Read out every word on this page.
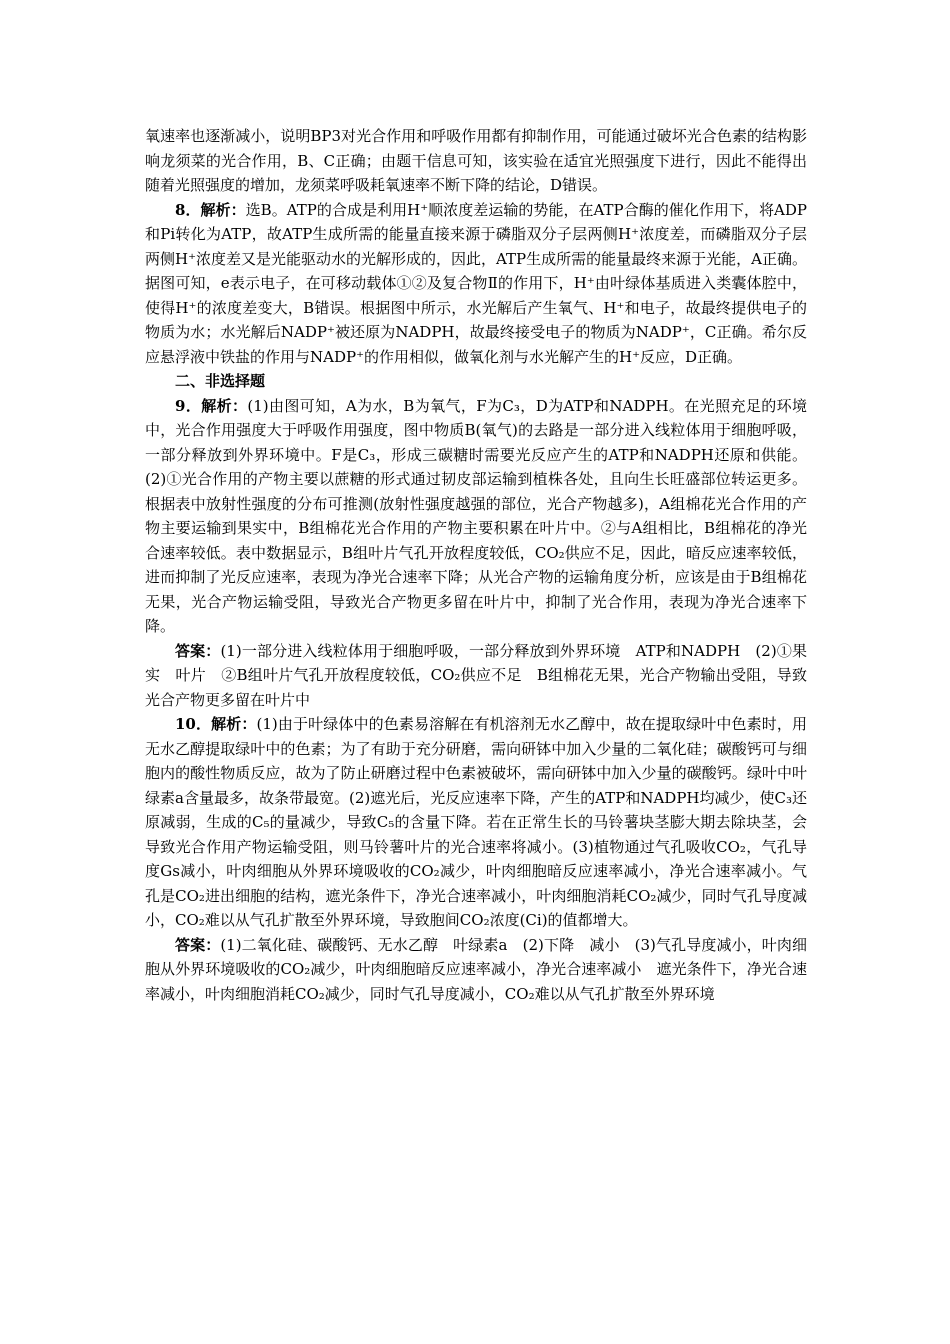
氧速率也逐渐减小，说明BP3对光合作用和呼吸作用都有抑制作用，可能通过破坏光合色素的结构影响龙须菜的光合作用，B、C正确；由题干信息可知，该实验在适宜光照强度下进行，因此不能得出随着光照强度的增加，龙须菜呼吸耗氧速率不断下降的结论，D错误。

8．解析：选B。ATP的合成是利用H⁺顺浓度差运输的势能，在ATP合酶的催化作用下，将ADP和Pi转化为ATP，故ATP生成所需的能量直接来源于磷脂双分子层两侧H⁺浓度差，而磷脂双分子层两侧H⁺浓度差又是光能驱动水的光解形成的，因此，ATP生成所需的能量最终来源于光能，A正确。据图可知，e表示电子，在可移动载体①②及复合物Ⅱ的作用下，H⁺由叶绿体基质进入类囊体腔中，使得H⁺的浓度差变大，B错误。根据图中所示，水光解后产生氧气、H⁺和电子，故最终提供电子的物质为水；水光解后NADP⁺被还原为NADPH，故最终接受电子的物质为NADP⁺，C正确。希尔反应悬浮液中铁盐的作用与NADP⁺的作用相似，做氧化剂与水光解产生的H⁺反应，D正确。

二、非选择题

9．解析：(1)由图可知，A为水，B为氧气，F为C₃，D为ATP和NADPH。在光照充足的环境中，光合作用强度大于呼吸作用强度，图中物质B(氧气)的去路是一部分进入线粒体用于细胞呼吸，一部分释放到外界环境中。F是C₃，形成三碳糖时需要光反应产生的ATP和NADPH还原和供能。(2)①光合作用的产物主要以蔗糖的形式通过韧皮部运输到植株各处，且向生长旺盛部位转运更多。根据表中放射性强度的分布可推测(放射性强度越强的部位，光合产物越多)，A组棉花光合作用的产物主要运输到果实中，B组棉花光合作用的产物主要积累在叶片中。②与A组相比，B组棉花的净光合速率较低。表中数据显示，B组叶片气孔开放程度较低，CO₂供应不足，因此，暗反应速率较低，进而抑制了光反应速率，表现为净光合速率下降；从光合产物的运输角度分析，应该是由于B组棉花无果，光合产物运输受阻，导致光合产物更多留在叶片中，抑制了光合作用，表现为净光合速率下降。

答案：(1)一部分进入线粒体用于细胞呼吸，一部分释放到外界环境　ATP和NADPH　(2)①果实　叶片　②B组叶片气孔开放程度较低，CO₂供应不足　B组棉花无果，光合产物输出受阻，导致光合产物更多留在叶片中

10．解析：(1)由于叶绿体中的色素易溶解在有机溶剂无水乙醇中，故在提取绿叶中色素时，用无水乙醇提取绿叶中的色素；为了有助于充分研磨，需向研钵中加入少量的二氧化硅；碳酸钙可与细胞内的酸性物质反应，故为了防止研磨过程中色素被破坏，需向研钵中加入少量的碳酸钙。绿叶中叶绿素a含量最多，故条带最宽。(2)遮光后，光反应速率下降，产生的ATP和NADPH均减少，使C₃还原减弱，生成的C₅的量减少，导致C₅的含量下降。若在正常生长的马铃薯块茎膨大期去除块茎，会导致光合作用产物运输受阻，则马铃薯叶片的光合速率将减小。(3)植物通过气孔吸收CO₂，气孔导度Gs减小，叶肉细胞从外界环境吸收的CO₂减少，叶肉细胞暗反应速率减小，净光合速率减小。气孔是CO₂进出细胞的结构，遮光条件下，净光合速率减小，叶肉细胞消耗CO₂减少，同时气孔导度减小，CO₂难以从气孔扩散至外界环境，导致胞间CO₂浓度(Ci)的值都增大。

答案：(1)二氧化硅、碳酸钙、无水乙醇　叶绿素a　(2)下降　减小　(3)气孔导度减小，叶肉细胞从外界环境吸收的CO₂减少，叶肉细胞暗反应速率减小，净光合速率减小　遮光条件下，净光合速率减小，叶肉细胞消耗CO₂减少，同时气孔导度减小，CO₂难以从气孔扩散至外界环境
